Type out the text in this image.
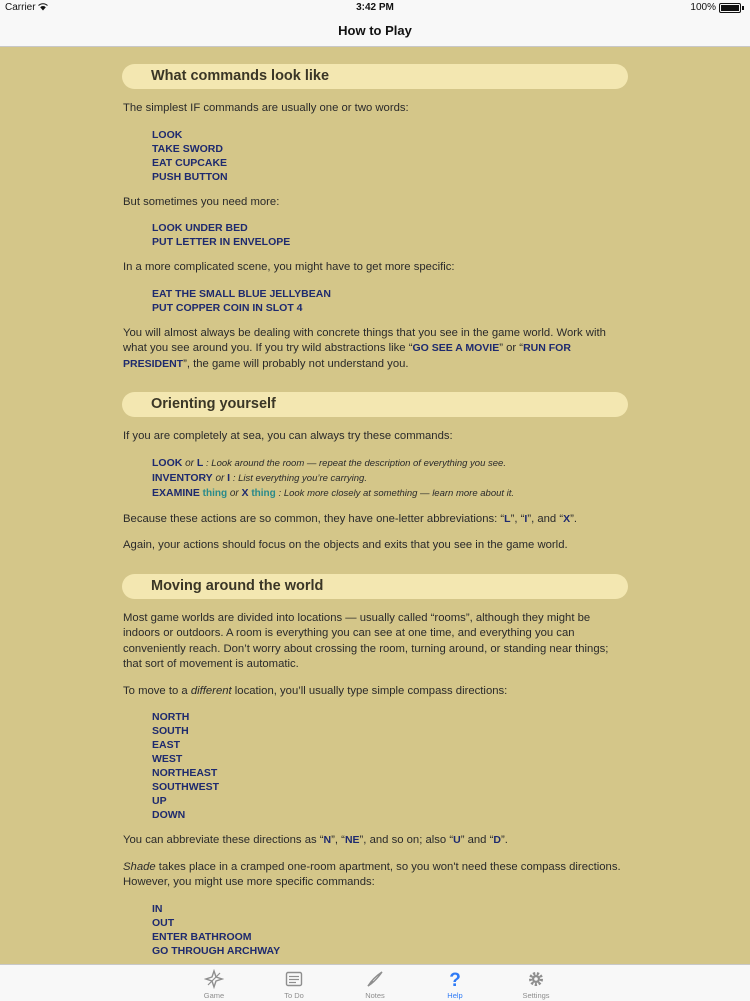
Carrier	3:42 PM	100%
How to Play
What commands look like

The simplest IF commands are usually one or two words:

LOOK
TAKE SWORD
EAT CUPCAKE
PUSH BUTTON

But sometimes you need more:

LOOK UNDER BED
PUT LETTER IN ENVELOPE

In a more complicated scene, you might have to get more specific:

EAT THE SMALL BLUE JELLYBEAN
PUT COPPER COIN IN SLOT 4

You will almost always be dealing with concrete things that you see in the game world. Work with what you see around you. If you try wild abstractions like “GO SEE A MOVIE” or “RUN FOR PRESIDENT”, the game will probably not understand you.

Orienting yourself

If you are completely at sea, you can always try these commands:

LOOK or L : Look around the room — repeat the description of everything you see.
INVENTORY or I : List everything you’re carrying.
EXAMINE thing or X thing : Look more closely at something — learn more about it.

Because these actions are so common, they have one-letter abbreviations: “L”, “I”, and “X”.

Again, your actions should focus on the objects and exits that you see in the game world.

Moving around the world

Most game worlds are divided into locations — usually called “rooms”, although they might be indoors or outdoors. A room is everything you can see at one time, and everything you can conveniently reach. Don’t worry about crossing the room, turning around, or standing near things; that sort of movement is automatic.

To move to a different location, you’ll usually type simple compass directions:

NORTH
SOUTH
EAST
WEST
NORTHEAST
SOUTHWEST
UP
DOWN

You can abbreviate these directions as “N”, “NE”, and so on; also “U” and “D”.

Shade takes place in a cramped one-room apartment, so you won't need these compass directions. However, you might use more specific commands:

IN
OUT
ENTER BATHROOM
GO THROUGH ARCHWAY
Game	To Do	Notes
?
Help	Settings
